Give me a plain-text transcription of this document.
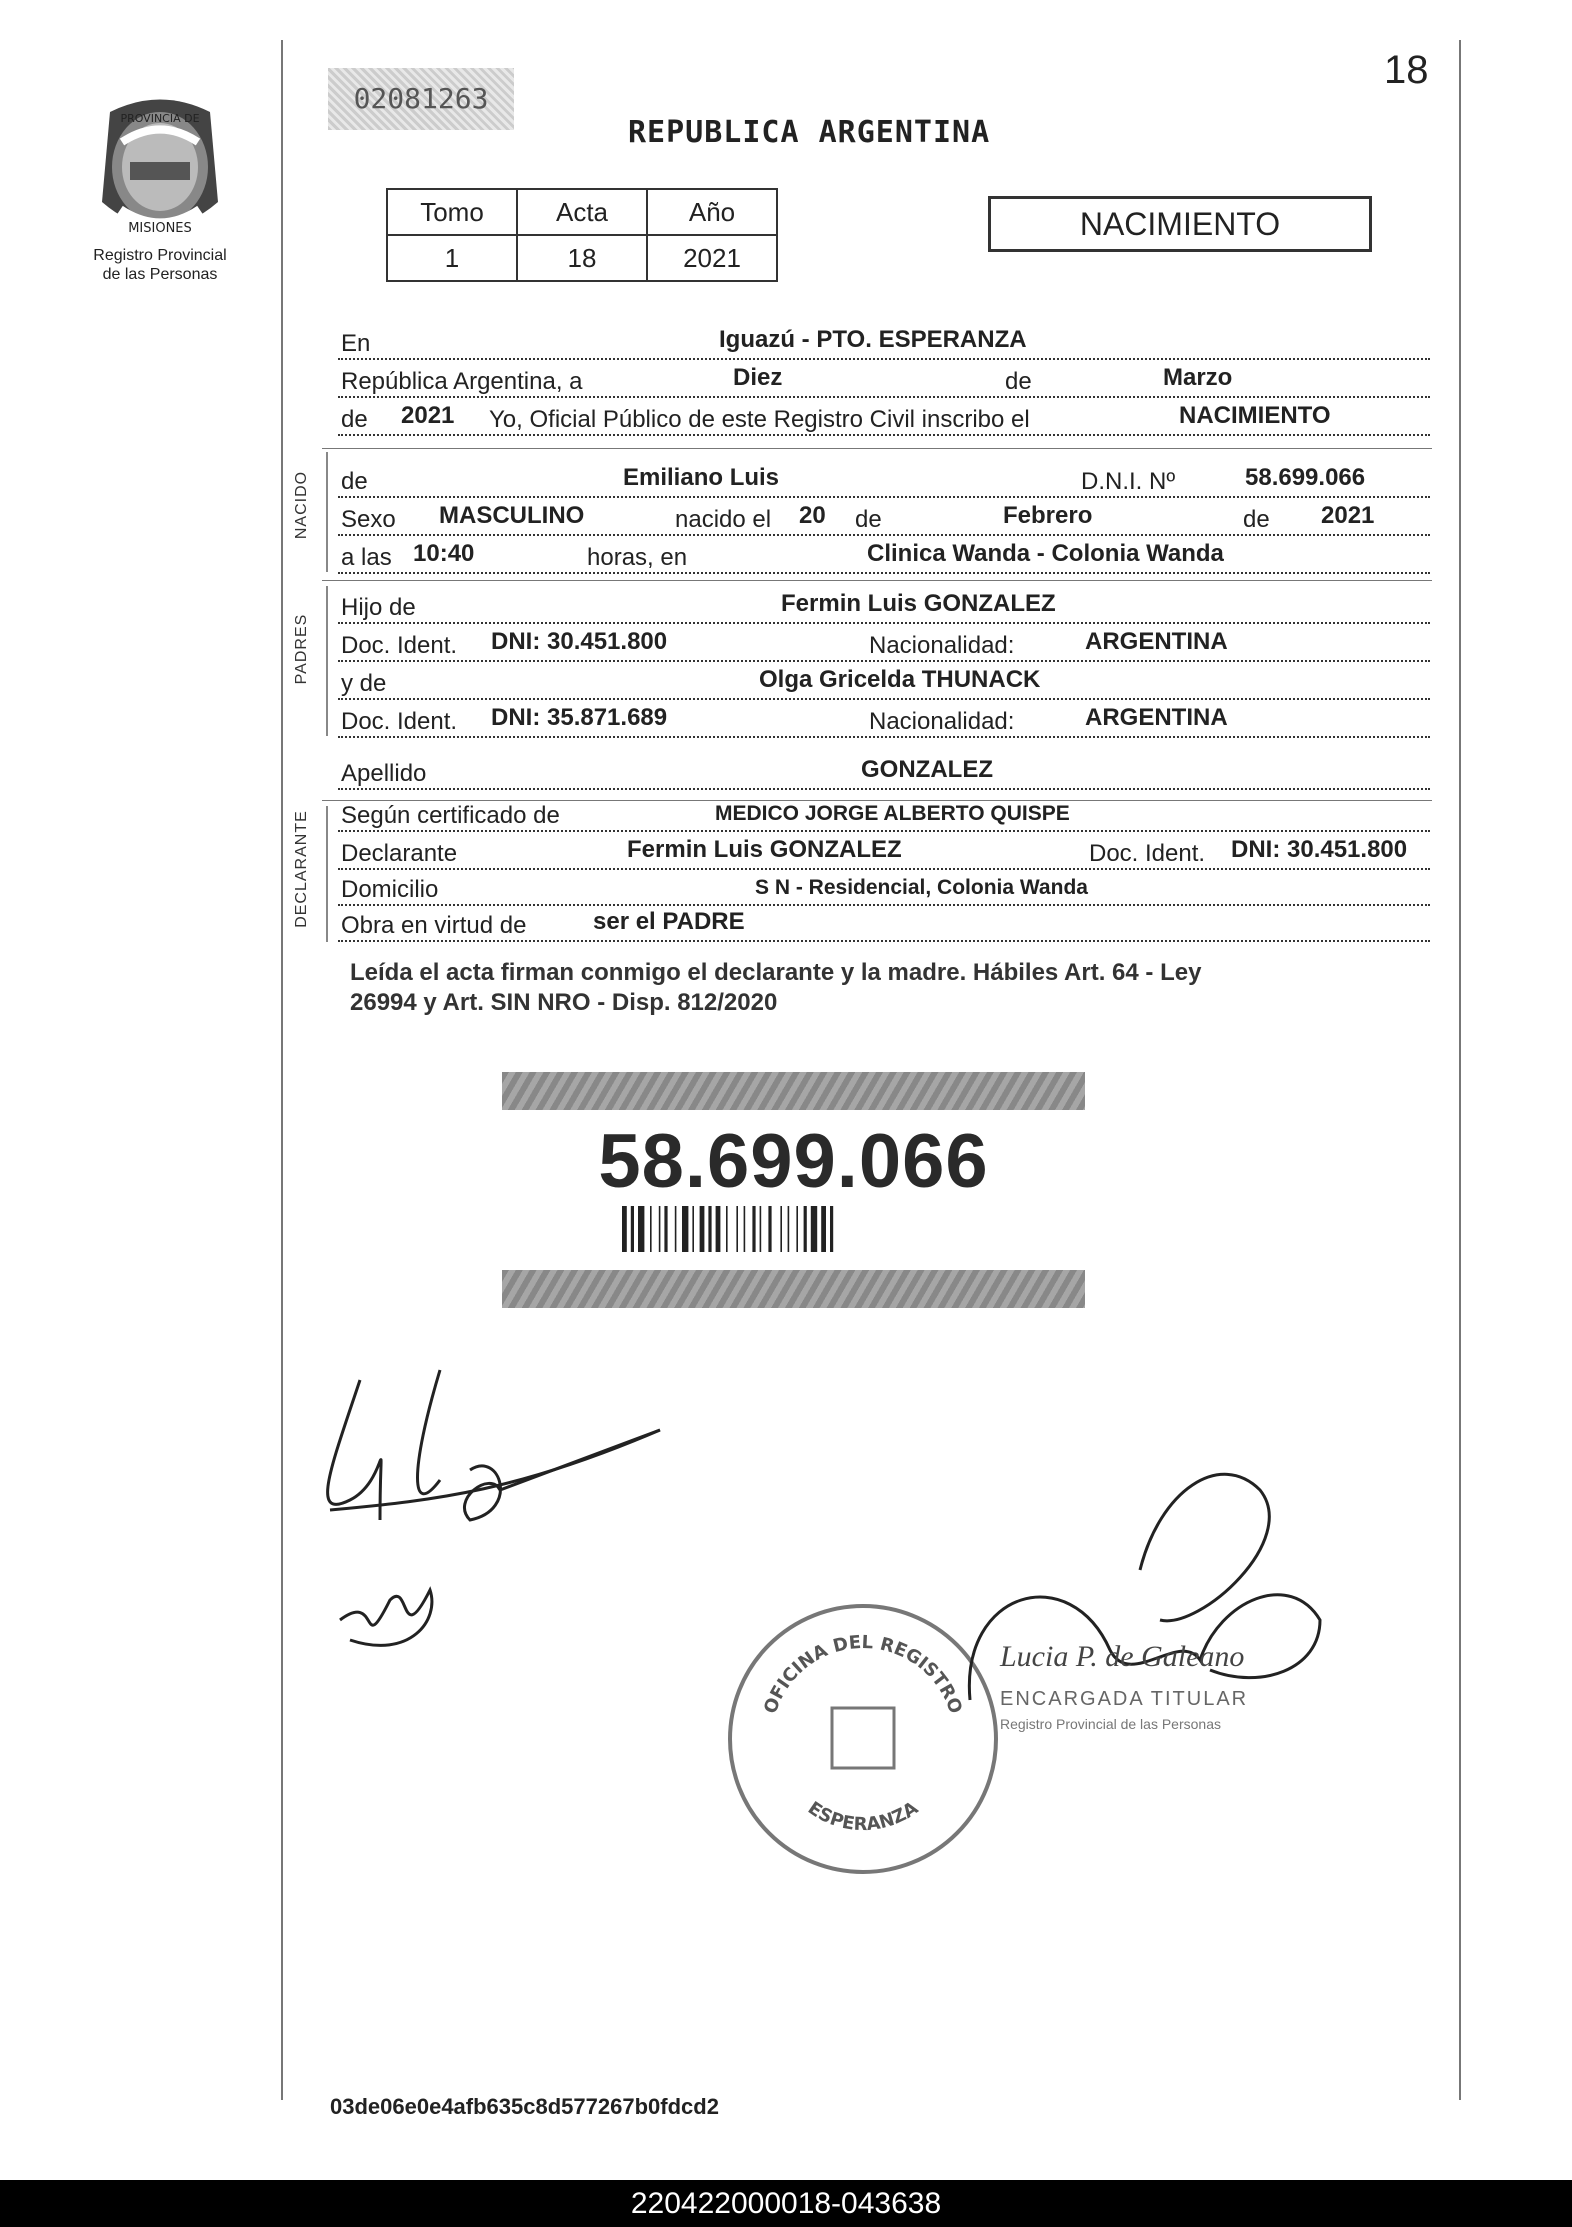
PROVINCIA DE
MISIONES
Registro Provincial
de las Personas
02081263
18
REPUBLICA ARGENTINA
Tomo	Acta	Año
1	18	2021
NACIMIENTO
En	Iguazú - PTO. ESPERANZA
República Argentina, a	Diez	de	Marzo
de 2021 Yo, Oficial Público de este Registro Civil inscribo el	NACIMIENTO
NACIDO de	Emiliano Luis	D.N.I. Nº	58.699.066
Sexo MASCULINO	nacido el 20 de	Febrero	de 2021
a las 10:40	horas, en	Clinica Wanda - Colonia Wanda
PADRES
Hijo de	Fermin Luis GONZALEZ
Doc. Ident. DNI: 30.451.800	Nacionalidad:	ARGENTINA
y de	Olga Gricelda THUNACK
Doc. Ident. DNI: 35.871.689	Nacionalidad:	ARGENTINA
Apellido	GONZALEZ
DECLARANTE Según certificado de	MEDICO JORGE ALBERTO QUISPE
Declarante	Fermin Luis GONZALEZ	Doc. Ident. DNI: 30.451.800
Domicilio	S N - Residencial, Colonia Wanda
Obra en virtud de	ser el PADRE
Leída el acta firman conmigo el declarante y la madre. Hábiles Art. 64 - Ley
26994 y Art. SIN NRO - Disp. 812/2020
58.699.066
OFICINA DEL REGISTRO
ESPERANZA
Lucia P. de Galeano
ENCARGADA TITULAR
Registro Provincial de las Personas
03de06e0e4afb635c8d577267b0fdcd2
220422000018-043638
